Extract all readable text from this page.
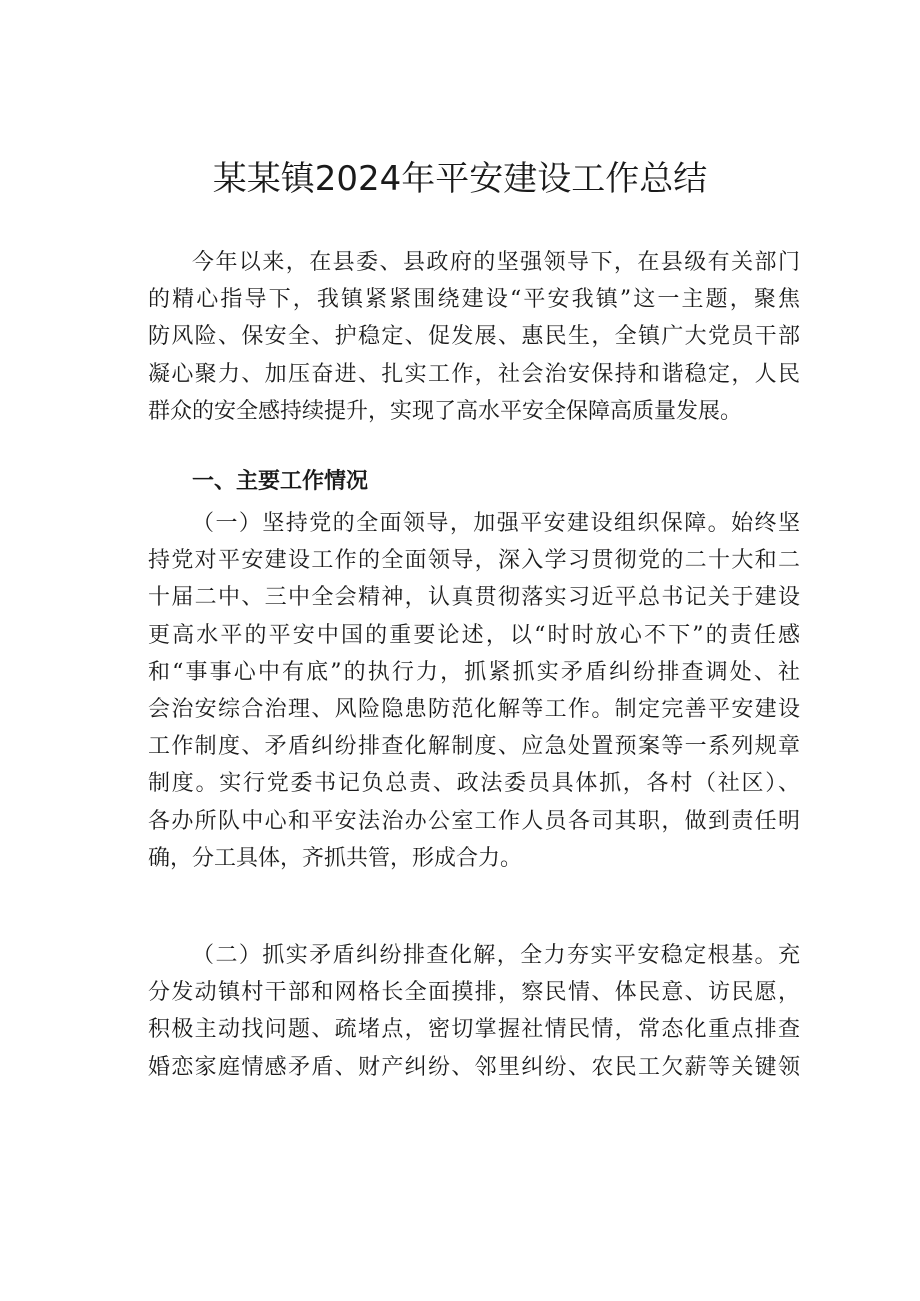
某某镇2024年平安建设工作总结
今年以来，在县委、县政府的坚强领导下，在县级有关部门
的精心指导下，我镇紧紧围绕建设“平安我镇”这一主题，聚焦
防风险、保安全、护稳定、促发展、惠民生，全镇广大党员干部
凝心聚力、加压奋进、扎实工作，社会治安保持和谐稳定，人民
群众的安全感持续提升，实现了高水平安全保障高质量发展。
一、主要工作情况
（一）坚持党的全面领导，加强平安建设组织保障。始终坚
持党对平安建设工作的全面领导，深入学习贯彻党的二十大和二
十届二中、三中全会精神，认真贯彻落实习近平总书记关于建设
更高水平的平安中国的重要论述，以“时时放心不下”的责任感
和“事事心中有底”的执行力，抓紧抓实矛盾纠纷排查调处、社
会治安综合治理、风险隐患防范化解等工作。制定完善平安建设
工作制度、矛盾纠纷排查化解制度、应急处置预案等一系列规章
制度。实行党委书记负总责、政法委员具体抓，各村（社区）、
各办所队中心和平安法治办公室工作人员各司其职，做到责任明
确，分工具体，齐抓共管，形成合力。
（二）抓实矛盾纠纷排查化解，全力夯实平安稳定根基。充
分发动镇村干部和网格长全面摸排，察民情、体民意、访民愿，
积极主动找问题、疏堵点，密切掌握社情民情，常态化重点排查
婚恋家庭情感矛盾、财产纠纷、邻里纠纷、农民工欠薪等关键领
